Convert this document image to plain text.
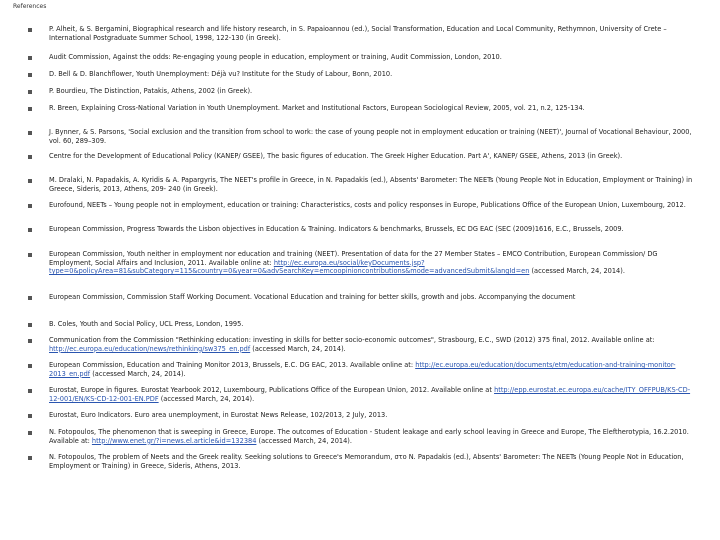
References
P. Alheit, & S. Bergamini, Biographical research and life history research, in S. Papaioannou (ed.), Social Transformation, Education and Local Community, Rethymnon, University of Crete – International Postgraduate Summer School, 1998, 122-130 (in Greek).
Audit Commission, Against the odds: Re-engaging young people in education, employment or training, Audit Commission, London, 2010.
D. Bell & D. Blanchflower, Youth Unemployment: Déjà vu? Institute for the Study of Labour, Bonn, 2010.
P. Bourdieu, The Distinction, Patakis, Athens, 2002 (in Greek).
R. Breen, Explaining Cross-National Variation in Youth Unemployment. Market and Institutional Factors, European Sociological Review, 2005, vol. 21, n.2, 125-134.
J. Bynner, & S. Parsons, 'Social exclusion and the transition from school to work: the case of young people not in employment education or training (NEET)', Journal of Vocational Behaviour, 2000, vol. 60, 289–309.
Centre for the Development of Educational Policy (KANEP/ GSEE), The basic figures of education. The Greek Higher Education. Part A', KANEP/ GSEE, Athens, 2013 (in Greek).
M. Dralaki, N. Papadakis, A. Kyridis & A. Papargyris, The NEET's profile in Greece, in N. Papadakis (ed.), Absents' Barometer: The NEETs (Young People Not in Education, Employment or Training) in Greece, Sideris, 2013, Athens, 209- 240 (in Greek).
Eurofound, NEETs – Young people not in employment, education or training: Characteristics, costs and policy responses in Europe, Publications Office of the European Union, Luxembourg, 2012.
European Commission, Progress Towards the Lisbon objectives in Education & Training. Indicators & benchmarks, Brussels, EC DG EAC (SEC (2009)1616, E.C., Brussels, 2009.
European Commission, Youth neither in employment nor education and training (NEET). Presentation of data for the 27 Member States – EMCO Contribution, European Commission/ DG Employment, Social Affairs and Inclusion, 2011. Available online at: http://ec.europa.eu/social/keyDocuments.jsp?type=0&policyArea=81&subCategory=115&country=0&year=0&advSearchKey=emcoopinioncontributions&mode=advancedSubmit&langId=en (accessed March, 24, 2014).
European Commission, Commission Staff Working Document. Vocational Education and training for better skills, growth and jobs. Accompanying the document
B. Coles, Youth and Social Policy, UCL Press, London, 1995.
Communication from the Commission "Rethinking education: investing in skills for better socio-economic outcomes", Strasbourg, E.C., SWD (2012) 375 final, 2012. Available online at: http://ec.europa.eu/education/news/rethinking/sw375_en.pdf (accessed March, 24, 2014).
European Commission, Education and Training Monitor 2013, Brussels, E.C. DG EAC, 2013. Available online at: http://ec.europa.eu/education/documents/etm/education-and-training-monitor-2013_en.pdf (accessed March, 24, 2014).
Eurostat, Europe in figures. Eurostat Yearbook 2012, Luxembourg, Publications Office of the European Union, 2012. Available online at http://epp.eurostat.ec.europa.eu/cache/ITY_OFFPUB/KS-CD-12-001/EN/KS-CD-12-001-EN.PDF (accessed March, 24, 2014).
Eurostat, Euro Indicators. Euro area unemployment, in Eurostat News Release, 102/2013, 2 July, 2013.
N. Fotopoulos, The phenomenon that is sweeping in Greece, Europe. The outcomes of Education - Student leakage and early school leaving in Greece and Europe, The Eleftherotypia, 16.2.2010. Available at: http://www.enet.gr/?i=news.el.article&id=132384 (accessed March, 24, 2014).
N. Fotopoulos, The problem of Neets and the Greek reality. Seeking solutions to Greece's Memorandum, στο N. Papadakis (ed.), Absents' Barometer: The NEETs (Young People Not in Education, Employment or Training) in Greece, Sideris, Athens, 2013.
